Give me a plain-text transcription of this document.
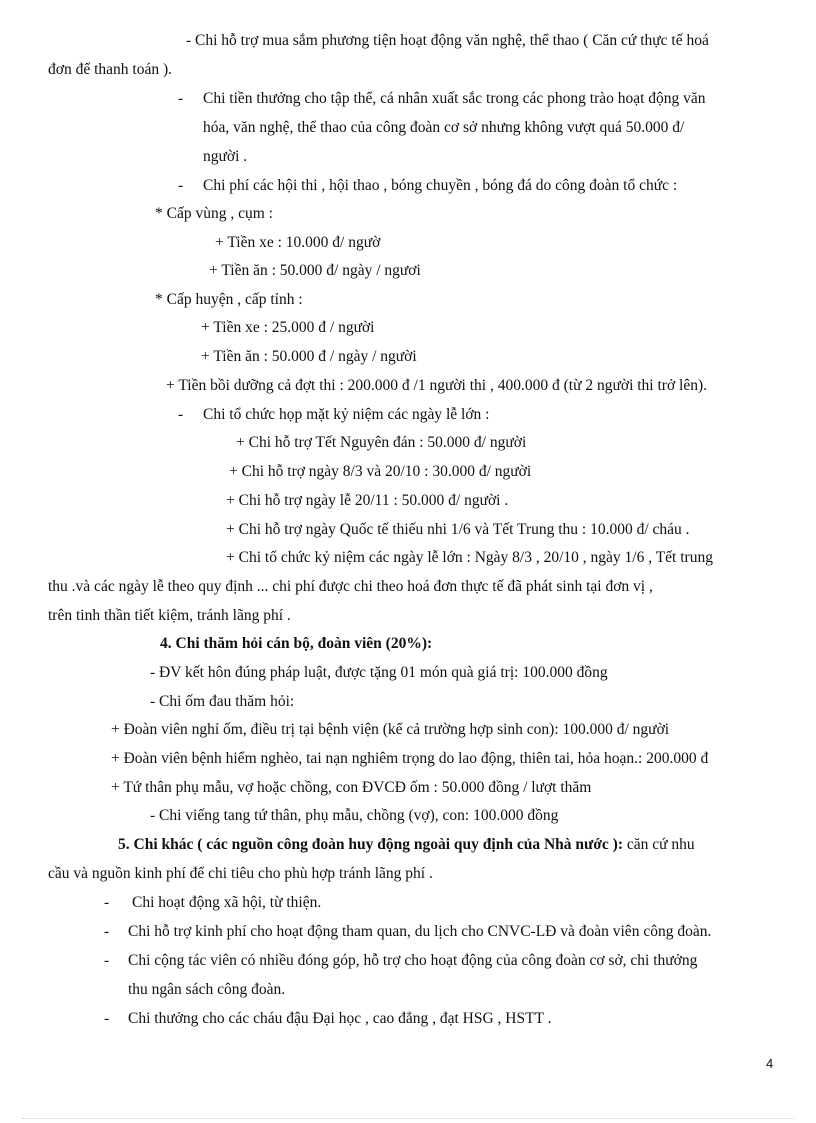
- Chi hỗ trợ mua sắm phương tiện hoạt động văn nghệ, thể thao ( Căn cứ thực tế hoá
đơn để thanh toán ).
- Chi tiền thưởng cho tập thể, cá nhân xuất sắc trong các phong trào hoạt động văn
hóa, văn nghệ, thể thao của công đoàn cơ sở nhưng không vượt quá 50.000 đ/
người .
- Chi phí các hội thi , hội thao , bóng chuyền , bóng đá do công đoàn tổ chức :
* Cấp vùng , cụm :
+ Tiền xe : 10.000 đ/ ngườ
+ Tiền ăn : 50.000 đ/ ngày / ngươi
* Cấp huyện , cấp tỉnh :
+ Tiền xe : 25.000 đ / người
+ Tiền ăn : 50.000 đ / ngày / người
+ Tiền bồi dưỡng cả đợt thi : 200.000 đ /1 người thi , 400.000 đ (từ 2 người thi trở lên).
- Chi tổ chức họp mặt kỷ niệm các ngày lễ lớn :
+ Chi hỗ trợ Tết Nguyên đán : 50.000 đ/ người
+ Chi hỗ trợ ngày 8/3 và 20/10 : 30.000 đ/ người
+ Chi hỗ trợ ngày lễ 20/11 : 50.000 đ/ người .
+ Chi hỗ trợ ngày Quốc tế thiếu nhi 1/6 và Tết Trung thu : 10.000 đ/ cháu .
+ Chi tổ chức kỷ niệm các ngày lễ lớn : Ngày 8/3 , 20/10 , ngày 1/6 , Tết trung
thu .và các ngày lễ theo quy định ... chi phí được chi theo hoá đơn thực tế đã phát sinh tại đơn vị ,
trên tinh thần tiết kiệm, tránh lãng phí .
4. Chi thăm hỏi cán bộ, đoàn viên (20%):
- ĐV kết hôn đúng pháp luật, được tặng 01 món quà giá trị: 100.000 đồng
- Chi ốm đau thăm hỏi:
+ Đoàn viên nghỉ ốm, điều trị tại bệnh viện (kể cả trường hợp sinh con): 100.000 đ/ người
+ Đoàn viên bệnh hiểm nghèo, tai nạn nghiêm trọng do lao động, thiên tai, hỏa hoạn.: 200.000 đ
+ Tứ thân phụ mẫu, vợ hoặc chồng, con ĐVCĐ ốm : 50.000 đồng / lượt thăm
- Chi viếng tang tứ thân, phụ mẫu, chồng (vợ), con: 100.000 đồng
5. Chi khác ( các nguồn công đoàn huy động ngoài quy định của Nhà nước ): căn cứ nhu
cầu và nguồn kinh phí để chi tiêu cho phù hợp tránh lãng phí .
- Chi hoạt động xã hội, từ thiện.
- Chi hỗ trợ kinh phí cho hoạt động tham quan, du lịch cho CNVC-LĐ và đoàn viên công đoàn.
- Chi cộng tác viên có nhiều đóng góp, hỗ trợ cho hoạt động của công đoàn cơ sở, chi thưởng
thu ngân sách công đoàn.
- Chi thưởng cho các cháu đậu Đại học , cao đẳng , đạt HSG , HSTT .
4
